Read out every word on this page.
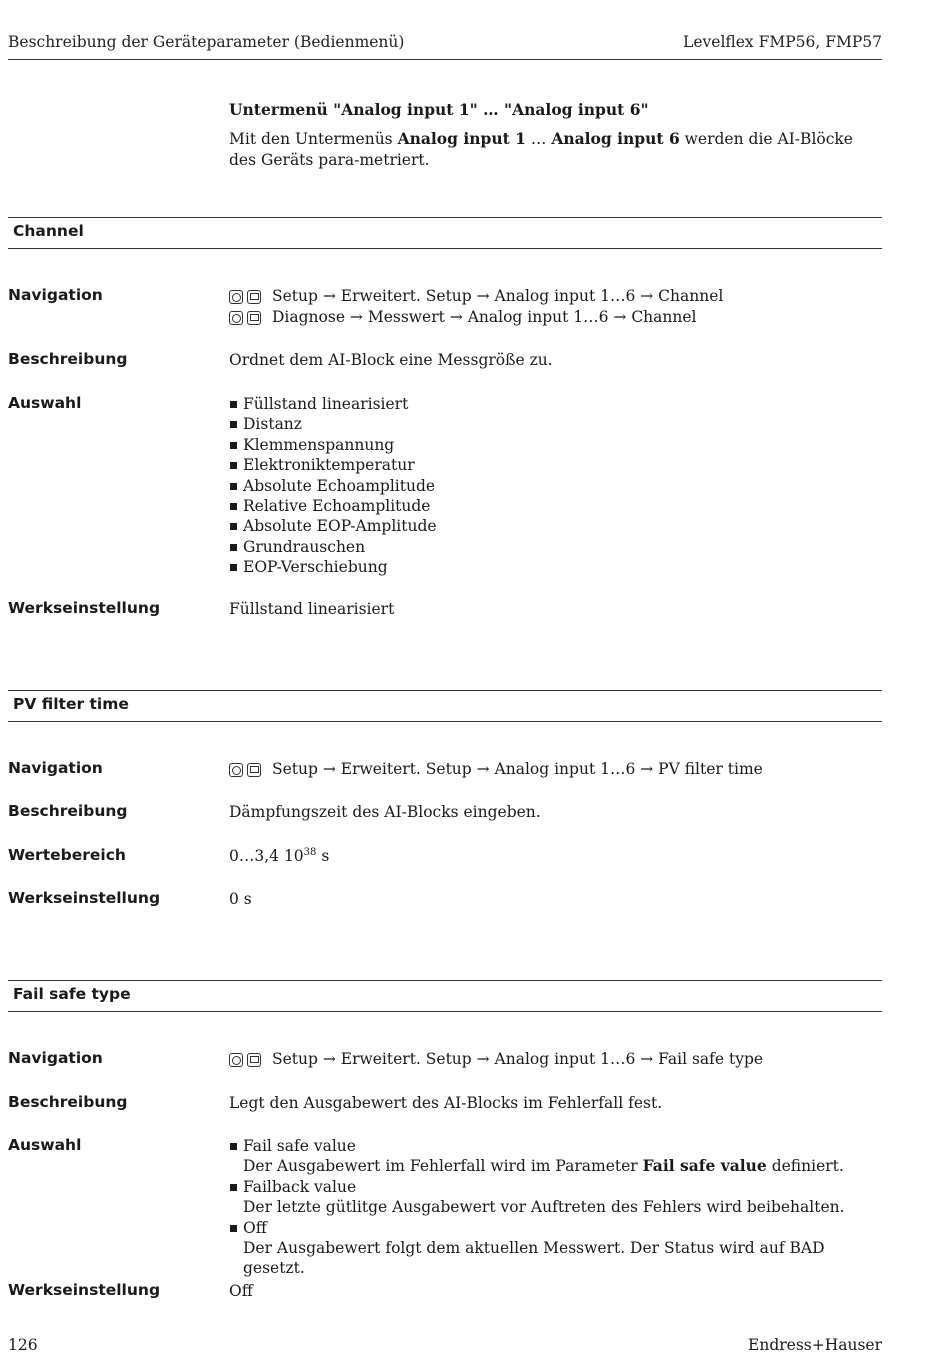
Beschreibung der Geräteparameter (Bedienmenü)	Levelflex FMP56, FMP57
Untermenü "Analog input 1" … "Analog input 6"
Mit den Untermenüs Analog input 1 … Analog input 6 werden die AI-Blöcke des Geräts para-metriert.
Channel
Navigation	Setup → Erweitert. Setup → Analog input 1…6 → Channel
Diagnose → Messwert → Analog input 1…6 → Channel
Beschreibung	Ordnet dem AI-Block eine Messgröße zu.
Auswahl	Füllstand linearisiert
Distanz
Klemmenspannung
Elektroniktemperatur
Absolute Echoamplitude
Relative Echoamplitude
Absolute EOP-Amplitude
Grundrauschen
EOP-Verschiebung
Werkseinstellung	Füllstand linearisiert
PV filter time
Navigation	Setup → Erweitert. Setup → Analog input 1…6 → PV filter time
Beschreibung	Dämpfungszeit des AI-Blocks eingeben.
Wertebereich	0…3,4 $10^{38}$ s
Werkseinstellung	0 s
Fail safe type
Navigation	Setup → Erweitert. Setup → Analog input 1…6 → Fail safe type
Beschreibung	Legt den Ausgabewert des AI-Blocks im Fehlerfall fest.
Auswahl	Fail safe value
Der Ausgabewert im Fehlerfall wird im Parameter Fail safe value definiert.
Failback value
Der letzte gütlitge Ausgabewert vor Auftreten des Fehlers wird beibehalten.
Off
Der Ausgabewert folgt dem aktuellen Messwert. Der Status wird auf BAD gesetzt.
Werkseinstellung	Off
126	Endress+Hauser
